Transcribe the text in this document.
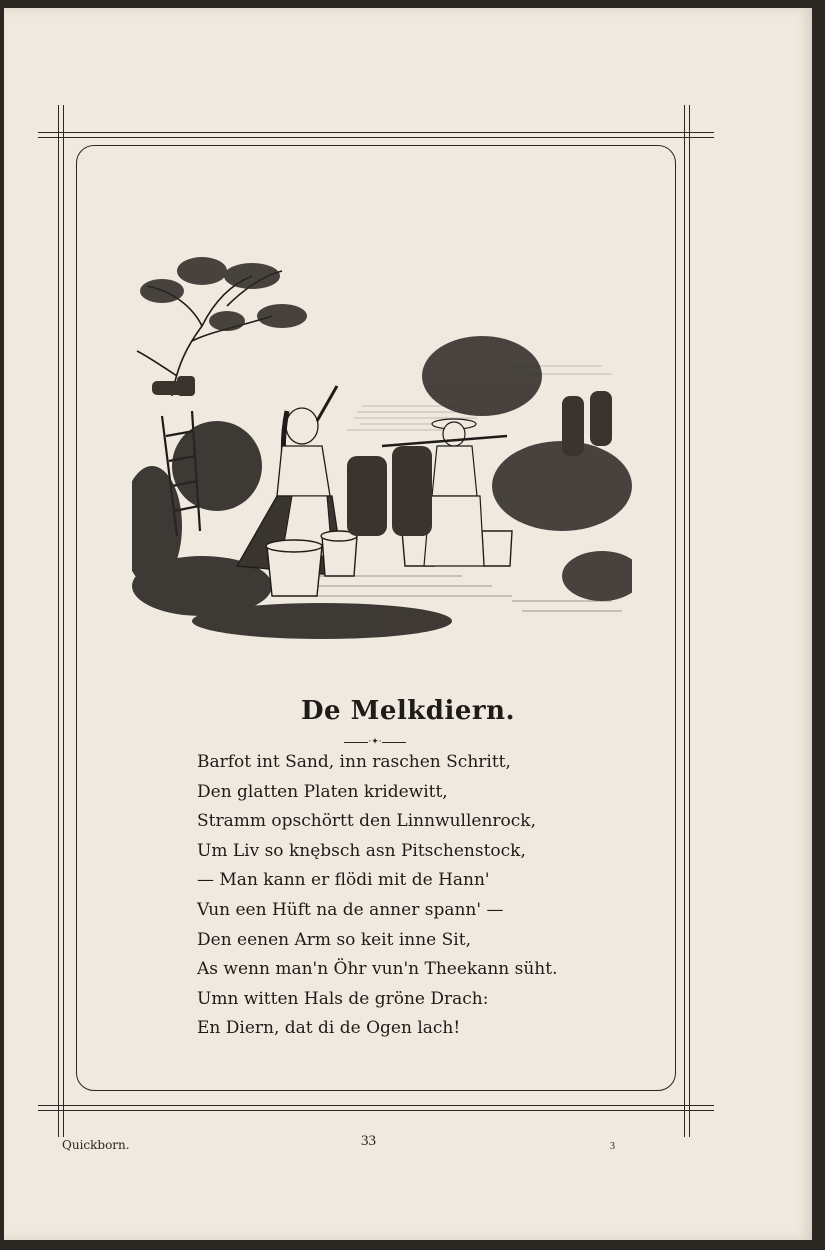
De Melkdiern.
·✦·
Barfot int Sand, inn raschen Schritt,
Den glatten Platen kridewitt,
Stramm opschörtt den Linnwullenrock,
Um Liv so knębsch asn Pitschenstock,
— Man kann er flödi mit de Hann'
Vun een Hüft na de anner spann' —
Den eenen Arm so keit inne Sit,
As wenn man'n Öhr vun'n Theekann süht.
Umn witten Hals de gröne Drach:
En Diern, dat di de Ogen lach!
Quickborn.	33	3
